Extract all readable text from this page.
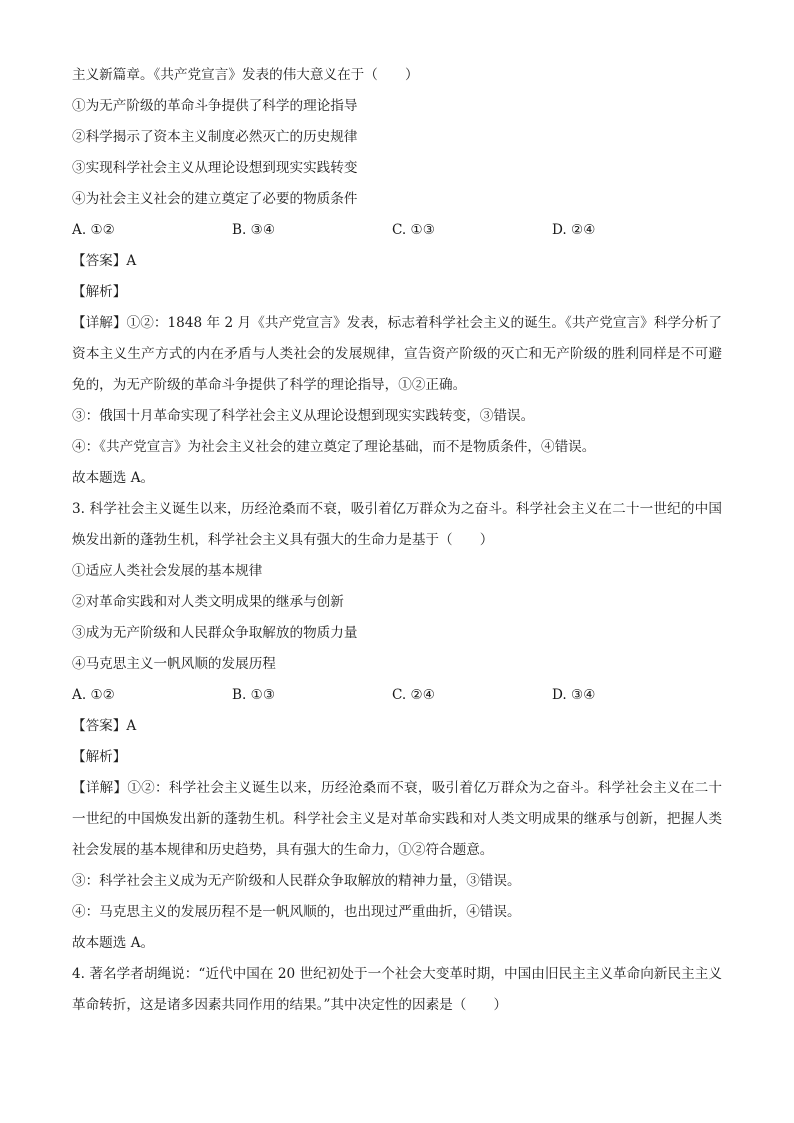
主义新篇章。《共产党宣言》发表的伟大意义在于（　　）
①为无产阶级的革命斗争提供了科学的理论指导
②科学揭示了资本主义制度必然灭亡的历史规律
③实现科学社会主义从理论设想到现实实践转变
④为社会主义社会的建立奠定了必要的物质条件
A. ①②	B. ③④	C. ①③	D. ②④
【答案】A
【解析】
【详解】①②：1848 年 2 月《共产党宣言》发表，标志着科学社会主义的诞生。《共产党宣言》科学分析了资本主义生产方式的内在矛盾与人类社会的发展规律，宣告资产阶级的灭亡和无产阶级的胜利同样是不可避免的，为无产阶级的革命斗争提供了科学的理论指导，①②正确。
③：俄国十月革命实现了科学社会主义从理论设想到现实实践转变，③错误。
④：《共产党宣言》为社会主义社会的建立奠定了理论基础，而不是物质条件，④错误。
故本题选 A。
3. 科学社会主义诞生以来，历经沧桑而不衰，吸引着亿万群众为之奋斗。科学社会主义在二十一世纪的中国焕发出新的蓬勃生机，科学社会主义具有强大的生命力是基于（　　）
①适应人类社会发展的基本规律
②对革命实践和对人类文明成果的继承与创新
③成为无产阶级和人民群众争取解放的物质力量
④马克思主义一帆风顺的发展历程
A. ①②	B. ①③	C. ②④	D. ③④
【答案】A
【解析】
【详解】①②：科学社会主义诞生以来，历经沧桑而不衰，吸引着亿万群众为之奋斗。科学社会主义在二十一世纪的中国焕发出新的蓬勃生机。科学社会主义是对革命实践和对人类文明成果的继承与创新，把握人类社会发展的基本规律和历史趋势，具有强大的生命力，①②符合题意。
③：科学社会主义成为无产阶级和人民群众争取解放的精神力量，③错误。
④：马克思主义的发展历程不是一帆风顺的，也出现过严重曲折，④错误。
故本题选 A。
4. 著名学者胡绳说：“近代中国在 20 世纪初处于一个社会大变革时期，中国由旧民主主义革命向新民主主义革命转折，这是诸多因素共同作用的结果。”其中决定性的因素是（　　）
